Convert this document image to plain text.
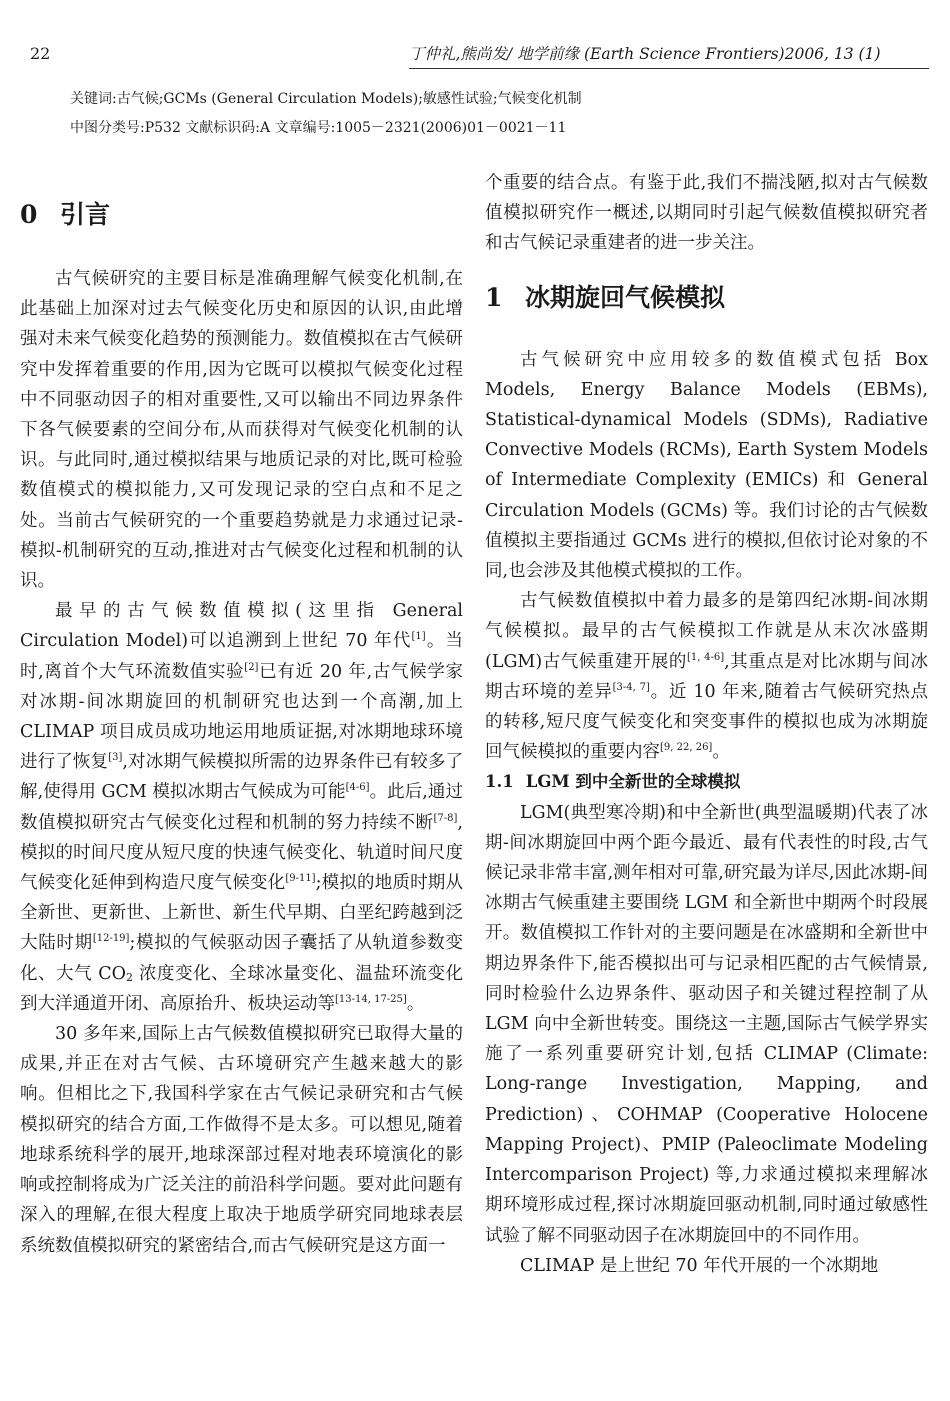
22	丁仲礼,熊尚发/ 地学前缘 (Earth Science Frontiers)2006, 13 (1)
关键词:古气候;GCMs (General Circulation Models);敏感性试验;气候变化机制
中图分类号:P532 文献标识码:A 文章编号:1005－2321(2006)01－0021－11
0 引言

古气候研究的主要目标是准确理解气候变化机制,在此基础上加深对过去气候变化历史和原因的认识,由此增强对未来气候变化趋势的预测能力。数值模拟在古气候研究中发挥着重要的作用,因为它既可以模拟气候变化过程中不同驱动因子的相对重要性,又可以输出不同边界条件下各气候要素的空间分布,从而获得对气候变化机制的认识。与此同时,通过模拟结果与地质记录的对比,既可检验数值模式的模拟能力,又可发现记录的空白点和不足之处。当前古气候研究的一个重要趋势就是力求通过记录-模拟-机制研究的互动,推进对古气候变化过程和机制的认识。

最早的古气候数值模拟(这里指 General Circulation Model)可以追溯到上世纪 70 年代[1]。当时,离首个大气环流数值实验[2]已有近 20 年,古气候学家对冰期-间冰期旋回的机制研究也达到一个高潮,加上 CLIMAP 项目成员成功地运用地质证据,对冰期地球环境进行了恢复[3],对冰期气候模拟所需的边界条件已有较多了解,使得用 GCM 模拟冰期古气候成为可能[4-6]。此后,通过数值模拟研究古气候变化过程和机制的努力持续不断[7-8],模拟的时间尺度从短尺度的快速气候变化、轨道时间尺度气候变化延伸到构造尺度气候变化[9-11];模拟的地质时期从全新世、更新世、上新世、新生代早期、白垩纪跨越到泛大陆时期[12-19];模拟的气候驱动因子囊括了从轨道参数变化、大气 CO2 浓度变化、全球冰量变化、温盐环流变化到大洋通道开闭、高原抬升、板块运动等[13-14, 17-25]。

30 多年来,国际上古气候数值模拟研究已取得大量的成果,并正在对古气候、古环境研究产生越来越大的影响。但相比之下,我国科学家在古气候记录研究和古气候模拟研究的结合方面,工作做得不是太多。可以想见,随着地球系统科学的展开,地球深部过程对地表环境演化的影响或控制将成为广泛关注的前沿科学问题。要对此问题有深入的理解,在很大程度上取决于地质学研究同地球表层系统数值模拟研究的紧密结合,而古气候研究是这方面一

个重要的结合点。有鉴于此,我们不揣浅陋,拟对古气候数值模拟研究作一概述,以期同时引起气候数值模拟研究者和古气候记录重建者的进一步关注。

1 冰期旋回气候模拟

古气候研究中应用较多的数值模式包括 Box Models, Energy Balance Models (EBMs), Statistical-dynamical Models (SDMs), Radiative Convective Models (RCMs), Earth System Models of Intermediate Complexity (EMICs) 和 General Circulation Models (GCMs) 等。我们讨论的古气候数值模拟主要指通过 GCMs 进行的模拟,但依讨论对象的不同,也会涉及其他模式模拟的工作。

古气候数值模拟中着力最多的是第四纪冰期-间冰期气候模拟。最早的古气候模拟工作就是从末次冰盛期(LGM)古气候重建开展的[1, 4-6],其重点是对比冰期与间冰期古环境的差异[3-4, 7]。近 10 年来,随着古气候研究热点的转移,短尺度气候变化和突变事件的模拟也成为冰期旋回气候模拟的重要内容[9, 22, 26]。

1.1 LGM 到中全新世的全球模拟

LGM(典型寒冷期)和中全新世(典型温暖期)代表了冰期-间冰期旋回中两个距今最近、最有代表性的时段,古气候记录非常丰富,测年相对可靠,研究最为详尽,因此冰期-间冰期古气候重建主要围绕 LGM 和全新世中期两个时段展开。数值模拟工作针对的主要问题是在冰盛期和全新世中期边界条件下,能否模拟出可与记录相匹配的古气候情景,同时检验什么边界条件、驱动因子和关键过程控制了从 LGM 向中全新世转变。围绕这一主题,国际古气候学界实施了一系列重要研究计划,包括 CLIMAP (Climate: Long-range Investigation, Mapping, and Prediction)、COHMAP (Cooperative Holocene Mapping Project)、PMIP (Paleoclimate Modeling Intercomparison Project) 等,力求通过模拟来理解冰期环境形成过程,探讨冰期旋回驱动机制,同时通过敏感性试验了解不同驱动因子在冰期旋回中的不同作用。

CLIMAP 是上世纪 70 年代开展的一个冰期地
